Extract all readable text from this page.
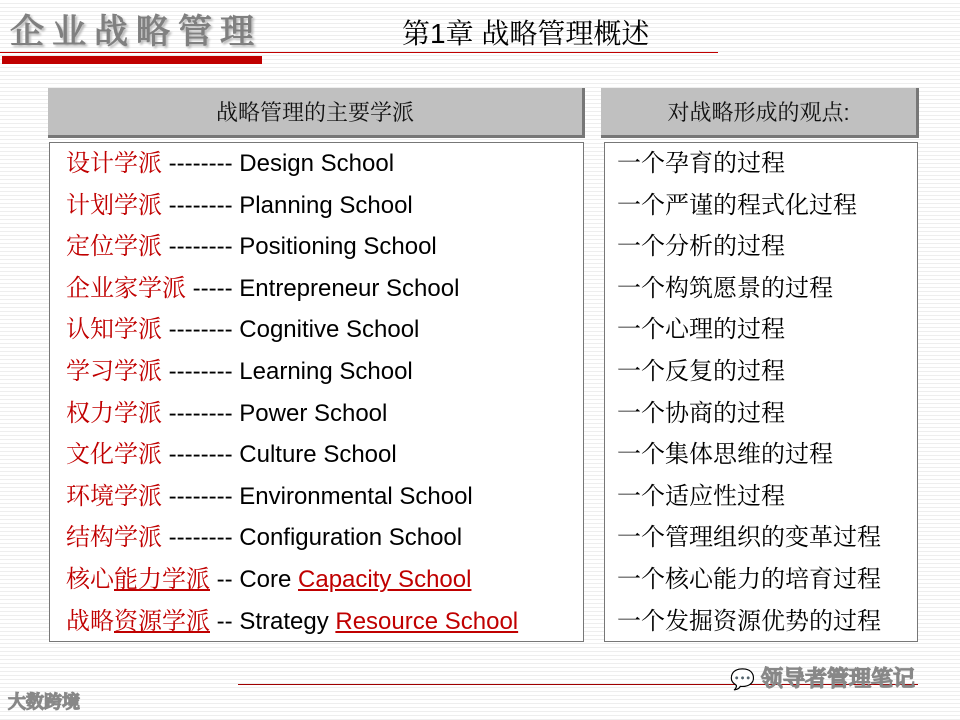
企业战略管理	第1章 战略管理概述
战略管理的主要学派	对战略形成的观点:
设计学派 -------- Design School
计划学派 -------- Planning School
定位学派 -------- Positioning School
企业家学派 ----- Entrepreneur School
认知学派 -------- Cognitive School
学习学派 -------- Learning School
权力学派 -------- Power School
文化学派 -------- Culture School
环境学派 -------- Environmental School
结构学派 -------- Configuration School
核心能力学派 -- Core Capacity School
战略资源学派 -- Strategy Resource School
一个孕育的过程
一个严谨的程式化过程
一个分析的过程
一个构筑愿景的过程
一个心理的过程
一个反复的过程
一个协商的过程
一个集体思维的过程
一个适应性过程
一个管理组织的变革过程
一个核心能力的培育过程
一个发掘资源优势的过程
💬 领导者管理笔记
大数跨境
